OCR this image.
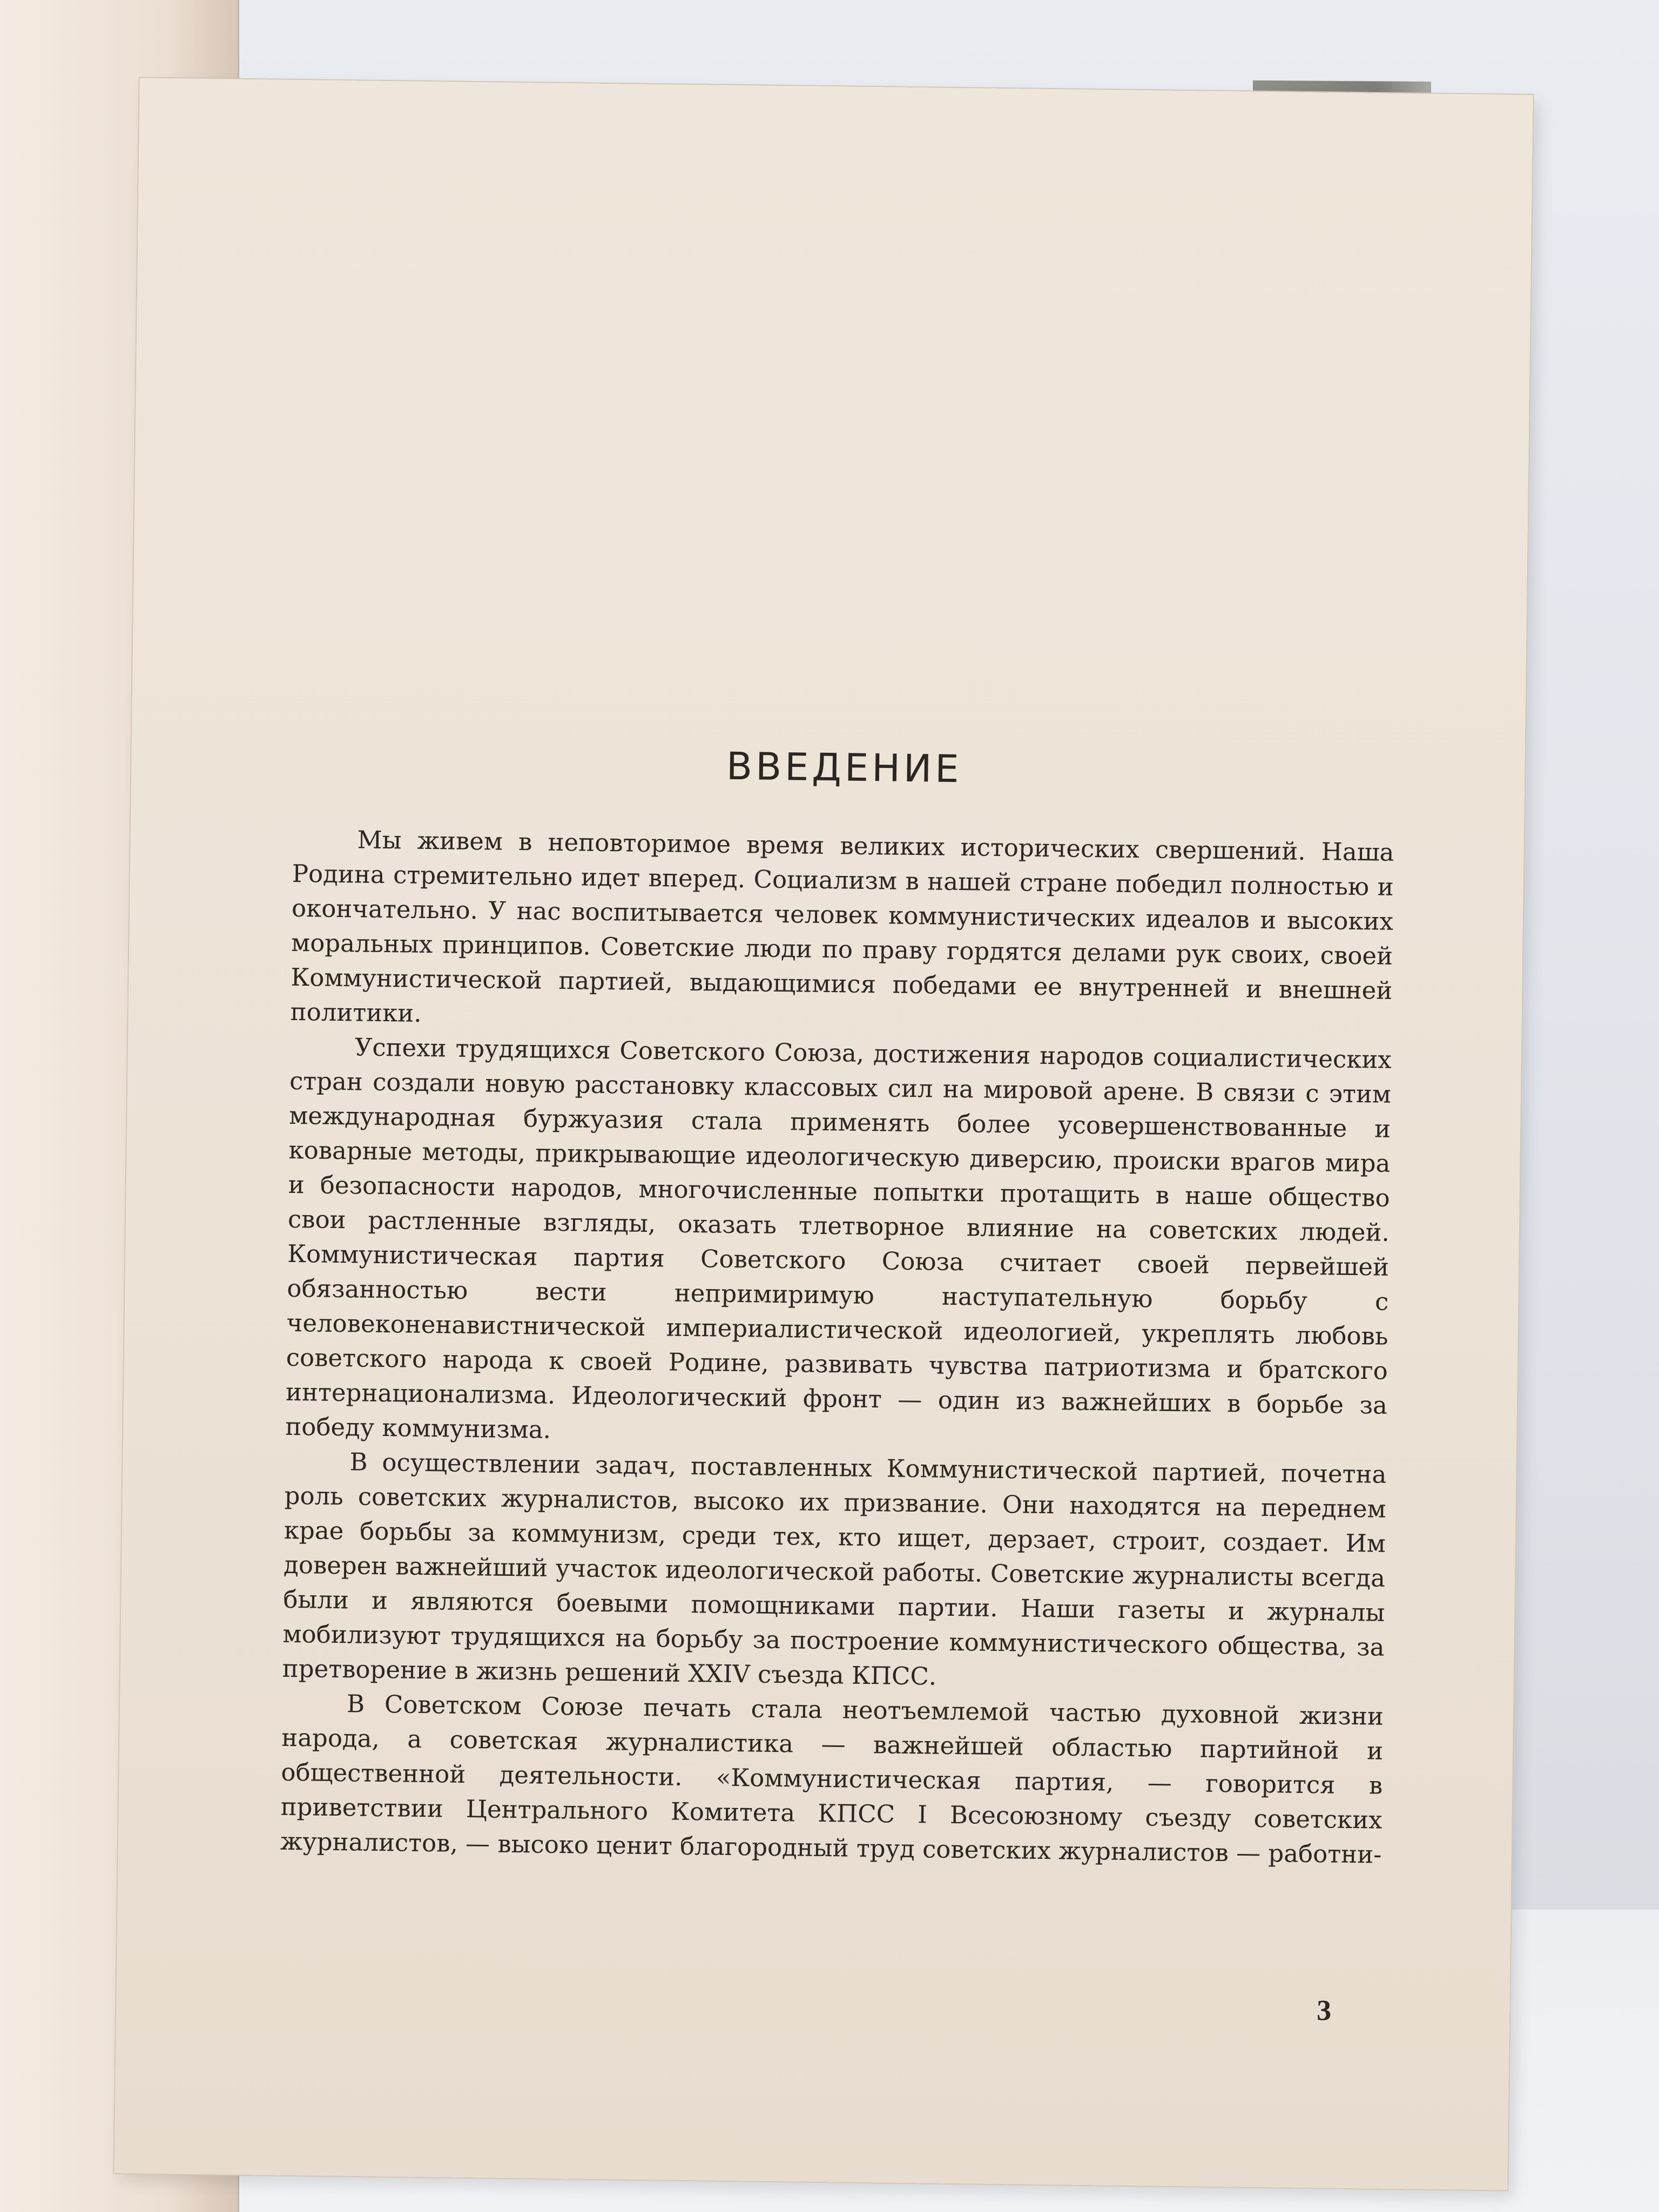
ВВЕДЕНИЕ

Мы живем в неповторимое время великих исторических свершений. Наша Родина стремительно идет вперед. Социализм в нашей стране победил полностью и окончательно. У нас воспитывается человек коммунистических идеалов и высоких моральных принципов. Советские люди по праву гордятся делами рук своих, своей Коммунистической партией, выдающимися победами ее внутренней и внешней политики.

Успехи трудящихся Советского Союза, достижения народов социалистических стран создали новую расстановку классовых сил на мировой арене. В связи с этим международная буржуазия стала применять более усовершенствованные и коварные методы, прикрывающие идеологическую диверсию, происки врагов мира и безопасности народов, многочисленные попытки протащить в наше общество свои растленные взгляды, оказать тлетворное влияние на советских людей. Коммунистическая партия Советского Союза считает своей первейшей обязанностью вести непримиримую наступательную борьбу с человеконенавистнической империалистической идеологией, укреплять любовь советского народа к своей Родине, развивать чувства патриотизма и братского интернационализма. Идеологический фронт — один из важнейших в борьбе за победу коммунизма.

В осуществлении задач, поставленных Коммунистической партией, почетна роль советских журналистов, высоко их призвание. Они находятся на переднем крае борьбы за коммунизм, среди тех, кто ищет, дерзает, строит, создает. Им доверен важнейший участок идеологической работы. Советские журналисты всегда были и являются боевыми помощниками партии. Наши газеты и журналы мобилизуют трудящихся на борьбу за построение коммунистического общества, за претворение в жизнь решений XXIV съезда КПСС.

В Советском Союзе печать стала неотъемлемой частью духовной жизни народа, а советская журналистика — важнейшей областью партийной и общественной деятельности. «Коммунистическая партия, — говорится в приветствии Центрального Комитета КПСС I Всесоюзному съезду советских журналистов, — высоко ценит благородный труд советских журналистов — работни-

3
